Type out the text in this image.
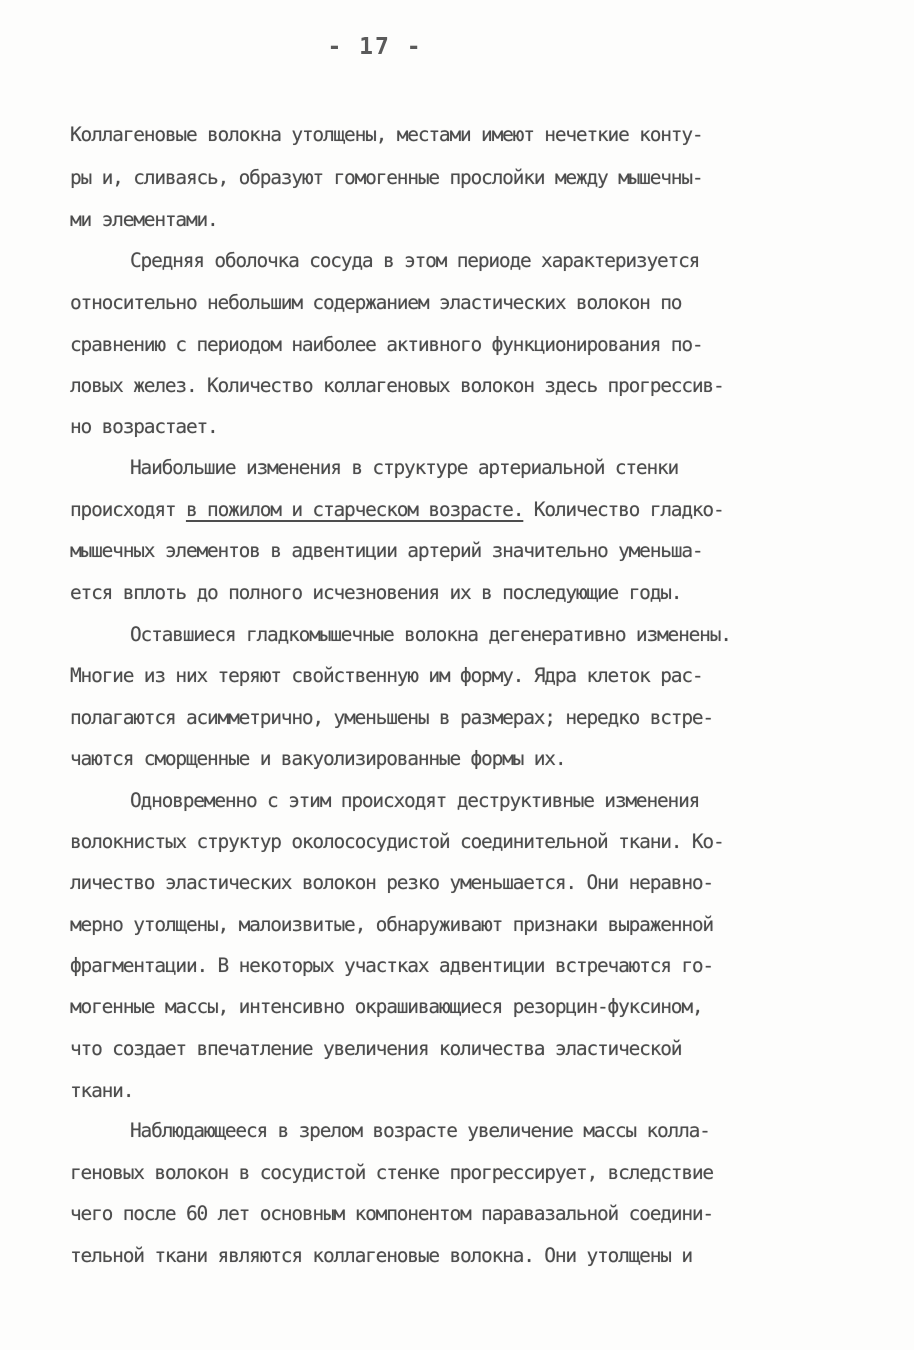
- 17 -
Коллагеновые волокна утолщены, местами имеют нечеткие конту-
ры и, сливаясь, образуют гомогенные прослойки между мышечны-
ми элементами.
Средняя оболочка сосуда в этом периоде характеризуется
относительно небольшим содержанием эластических волокон по
сравнению с периодом наиболее активного функционирования по-
ловых желез. Количество коллагеновых волокон здесь прогрессив-
но возрастает.
Наибольшие изменения в структуре артериальной стенки
происходят в пожилом и старческом возрасте. Количество гладко-
мышечных элементов в адвентиции артерий значительно уменьша-
ется вплоть до полного исчезновения их в последующие годы.
Оставшиеся гладкомышечные волокна дегенеративно изменены.
Многие из них теряют свойственную им форму. Ядра клеток рас-
полагаются асимметрично, уменьшены в размерах; нередко встре-
чаются сморщенные и вакуолизированные формы их.
Одновременно с этим происходят деструктивные изменения
волокнистых структур околососудистой соединительной ткани. Ко-
личество эластических волокон резко уменьшается. Они неравно-
мерно утолщены, малоизвитые, обнаруживают признаки выраженной
фрагментации. В некоторых участках адвентиции встречаются го-
могенные массы, интенсивно окрашивающиеся резорцин-фуксином,
что создает впечатление увеличения количества эластической
ткани.
Наблюдающееся в зрелом возрасте увеличение массы колла-
геновых волокон в сосудистой стенке прогрессирует, вследствие
чего после 60 лет основным компонентом паравазальной соедини-
тельной ткани являются коллагеновые волокна. Они утолщены и
